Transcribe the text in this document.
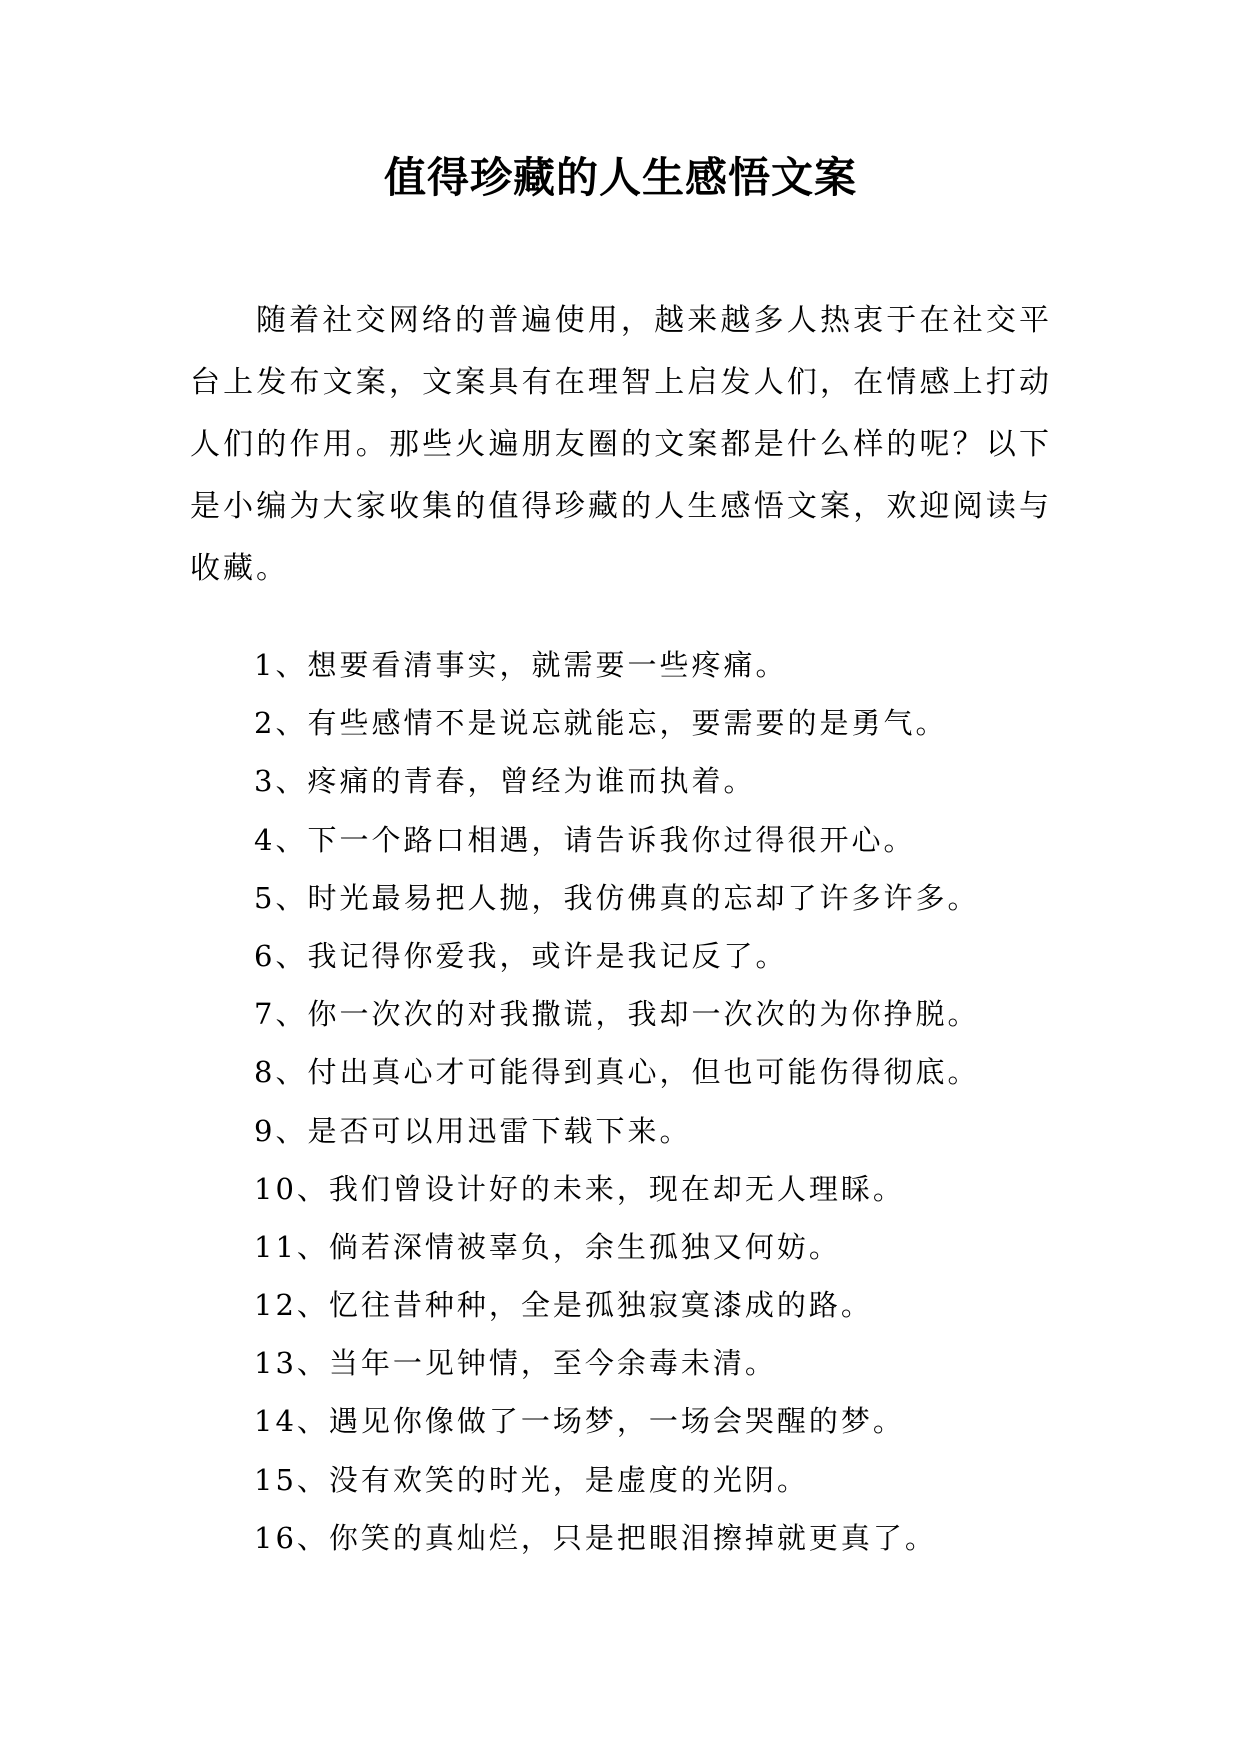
值得珍藏的人生感悟文案

随着社交网络的普遍使用，越来越多人热衷于在社交平台上发布文案，文案具有在理智上启发人们，在情感上打动人们的作用。那些火遍朋友圈的文案都是什么样的呢？以下是小编为大家收集的值得珍藏的人生感悟文案，欢迎阅读与收藏。

1、想要看清事实，就需要一些疼痛。
2、有些感情不是说忘就能忘，要需要的是勇气。
3、疼痛的青春，曾经为谁而执着。
4、下一个路口相遇，请告诉我你过得很开心。
5、时光最易把人抛，我仿佛真的忘却了许多许多。
6、我记得你爱我，或许是我记反了。
7、你一次次的对我撒谎，我却一次次的为你挣脱。
8、付出真心才可能得到真心，但也可能伤得彻底。
9、是否可以用迅雷下载下来。
10、我们曾设计好的未来，现在却无人理睬。
11、倘若深情被辜负，余生孤独又何妨。
12、忆往昔种种，全是孤独寂寞漆成的路。
13、当年一见钟情，至今余毒未清。
14、遇见你像做了一场梦，一场会哭醒的梦。
15、没有欢笑的时光，是虚度的光阴。
16、你笑的真灿烂，只是把眼泪擦掉就更真了。
